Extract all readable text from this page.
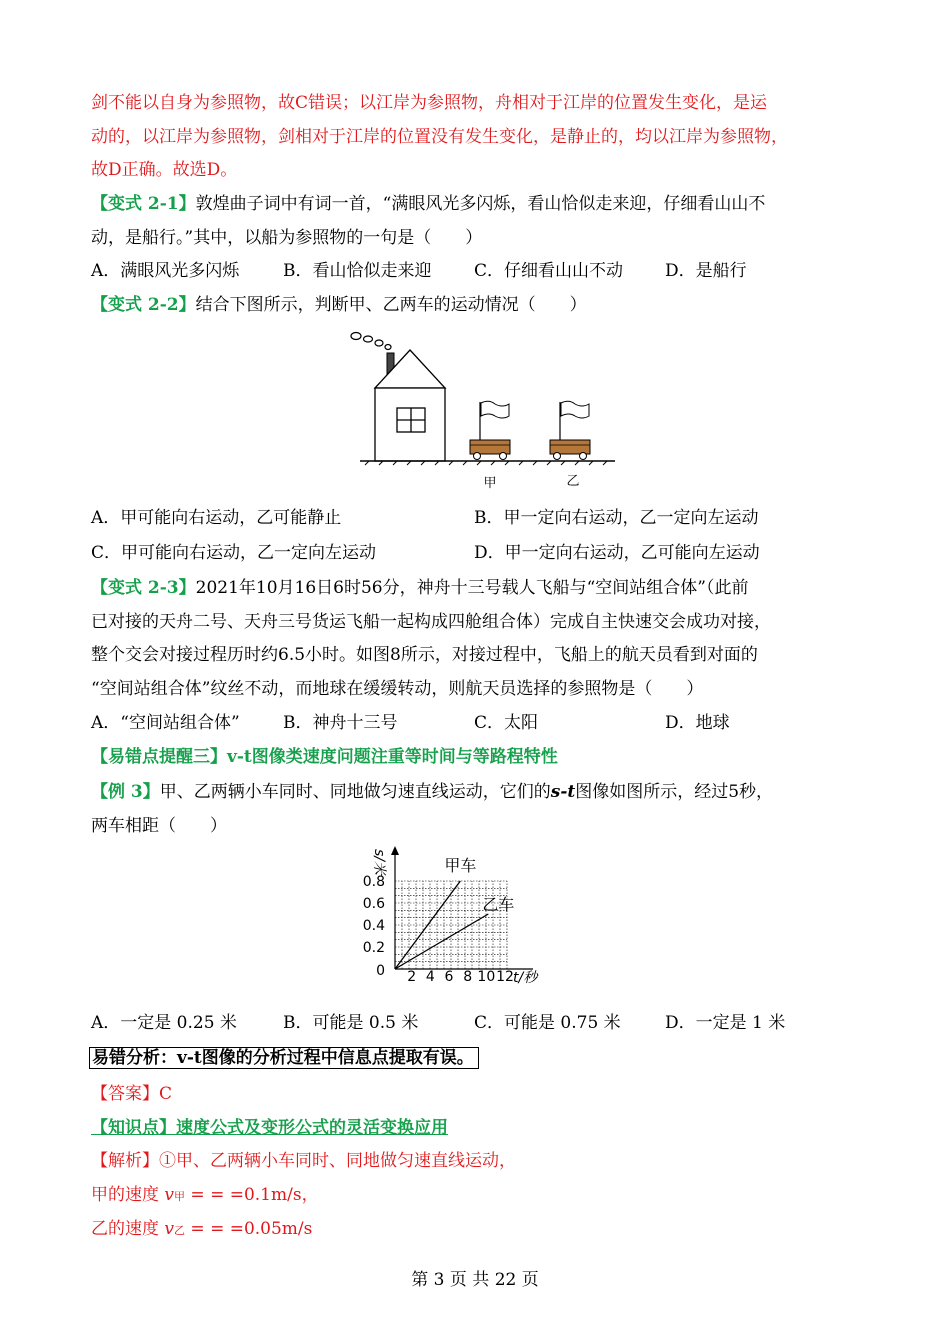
剑不能以自身为参照物，故C错误；以江岸为参照物，舟相对于江岸的位置发生变化，是运
动的，以江岸为参照物，剑相对于江岸的位置没有发生变化，是静止的，均以江岸为参照物，
故D正确。故选D。
【变式 2-1】敦煌曲子词中有词一首，“满眼风光多闪烁，看山恰似走来迎，仔细看山山不
动，是船行。”其中，以船为参照物的一句是（　　）
A．满眼风光多闪烁	B．看山恰似走来迎	C．仔细看山山不动 D．是船行
【变式 2-2】结合下图所示，判断甲、乙两车的运动情况（　　）
甲	乙
A．甲可能向右运动，乙可能静止	B．甲一定向右运动，乙一定向左运动
C．甲可能向右运动，乙一定向左运动	D．甲一定向右运动，乙可能向左运动
【变式 2-3】2021年10月16日6时56分，神舟十三号载人飞船与“空间站组合体”（此前
已对接的天舟二号、天舟三号货运飞船一起构成四舱组合体）完成自主快速交会成功对接，
整个交会对接过程历时约6.5小时。如图8所示，对接过程中，飞船上的航天员看到对面的
“空间站组合体”纹丝不动，而地球在缓缓转动，则航天员选择的参照物是（　　）
A．“空间站组合体”	B．神舟十三号	C．太阳	D．地球
【易错点提醒三】v-t图像类速度问题注重等时间与等路程特性
【例 3】甲、乙两辆小车同时、同地做匀速直线运动，它们的s-t图像如图所示，经过5秒，
两车相距（　　）
2 4 6 8 10 12
0
0.2
0.4
0.6
0.8
t/秒
s/米	甲车
乙车
A．一定是 0.25 米	B．可能是 0.5 米	C．可能是 0.75 米	D．一定是 1 米
易错分析：v-t图像的分析过程中信息点提取有误。
【答案】C
【知识点】速度公式及变形公式的灵活变换应用
【解析】①甲、乙两辆小车同时、同地做匀速直线运动，
甲的速度 v甲 = = =0.1m/s，
乙的速度 v乙 = = =0.05m/s
第 3 页 共 22 页
